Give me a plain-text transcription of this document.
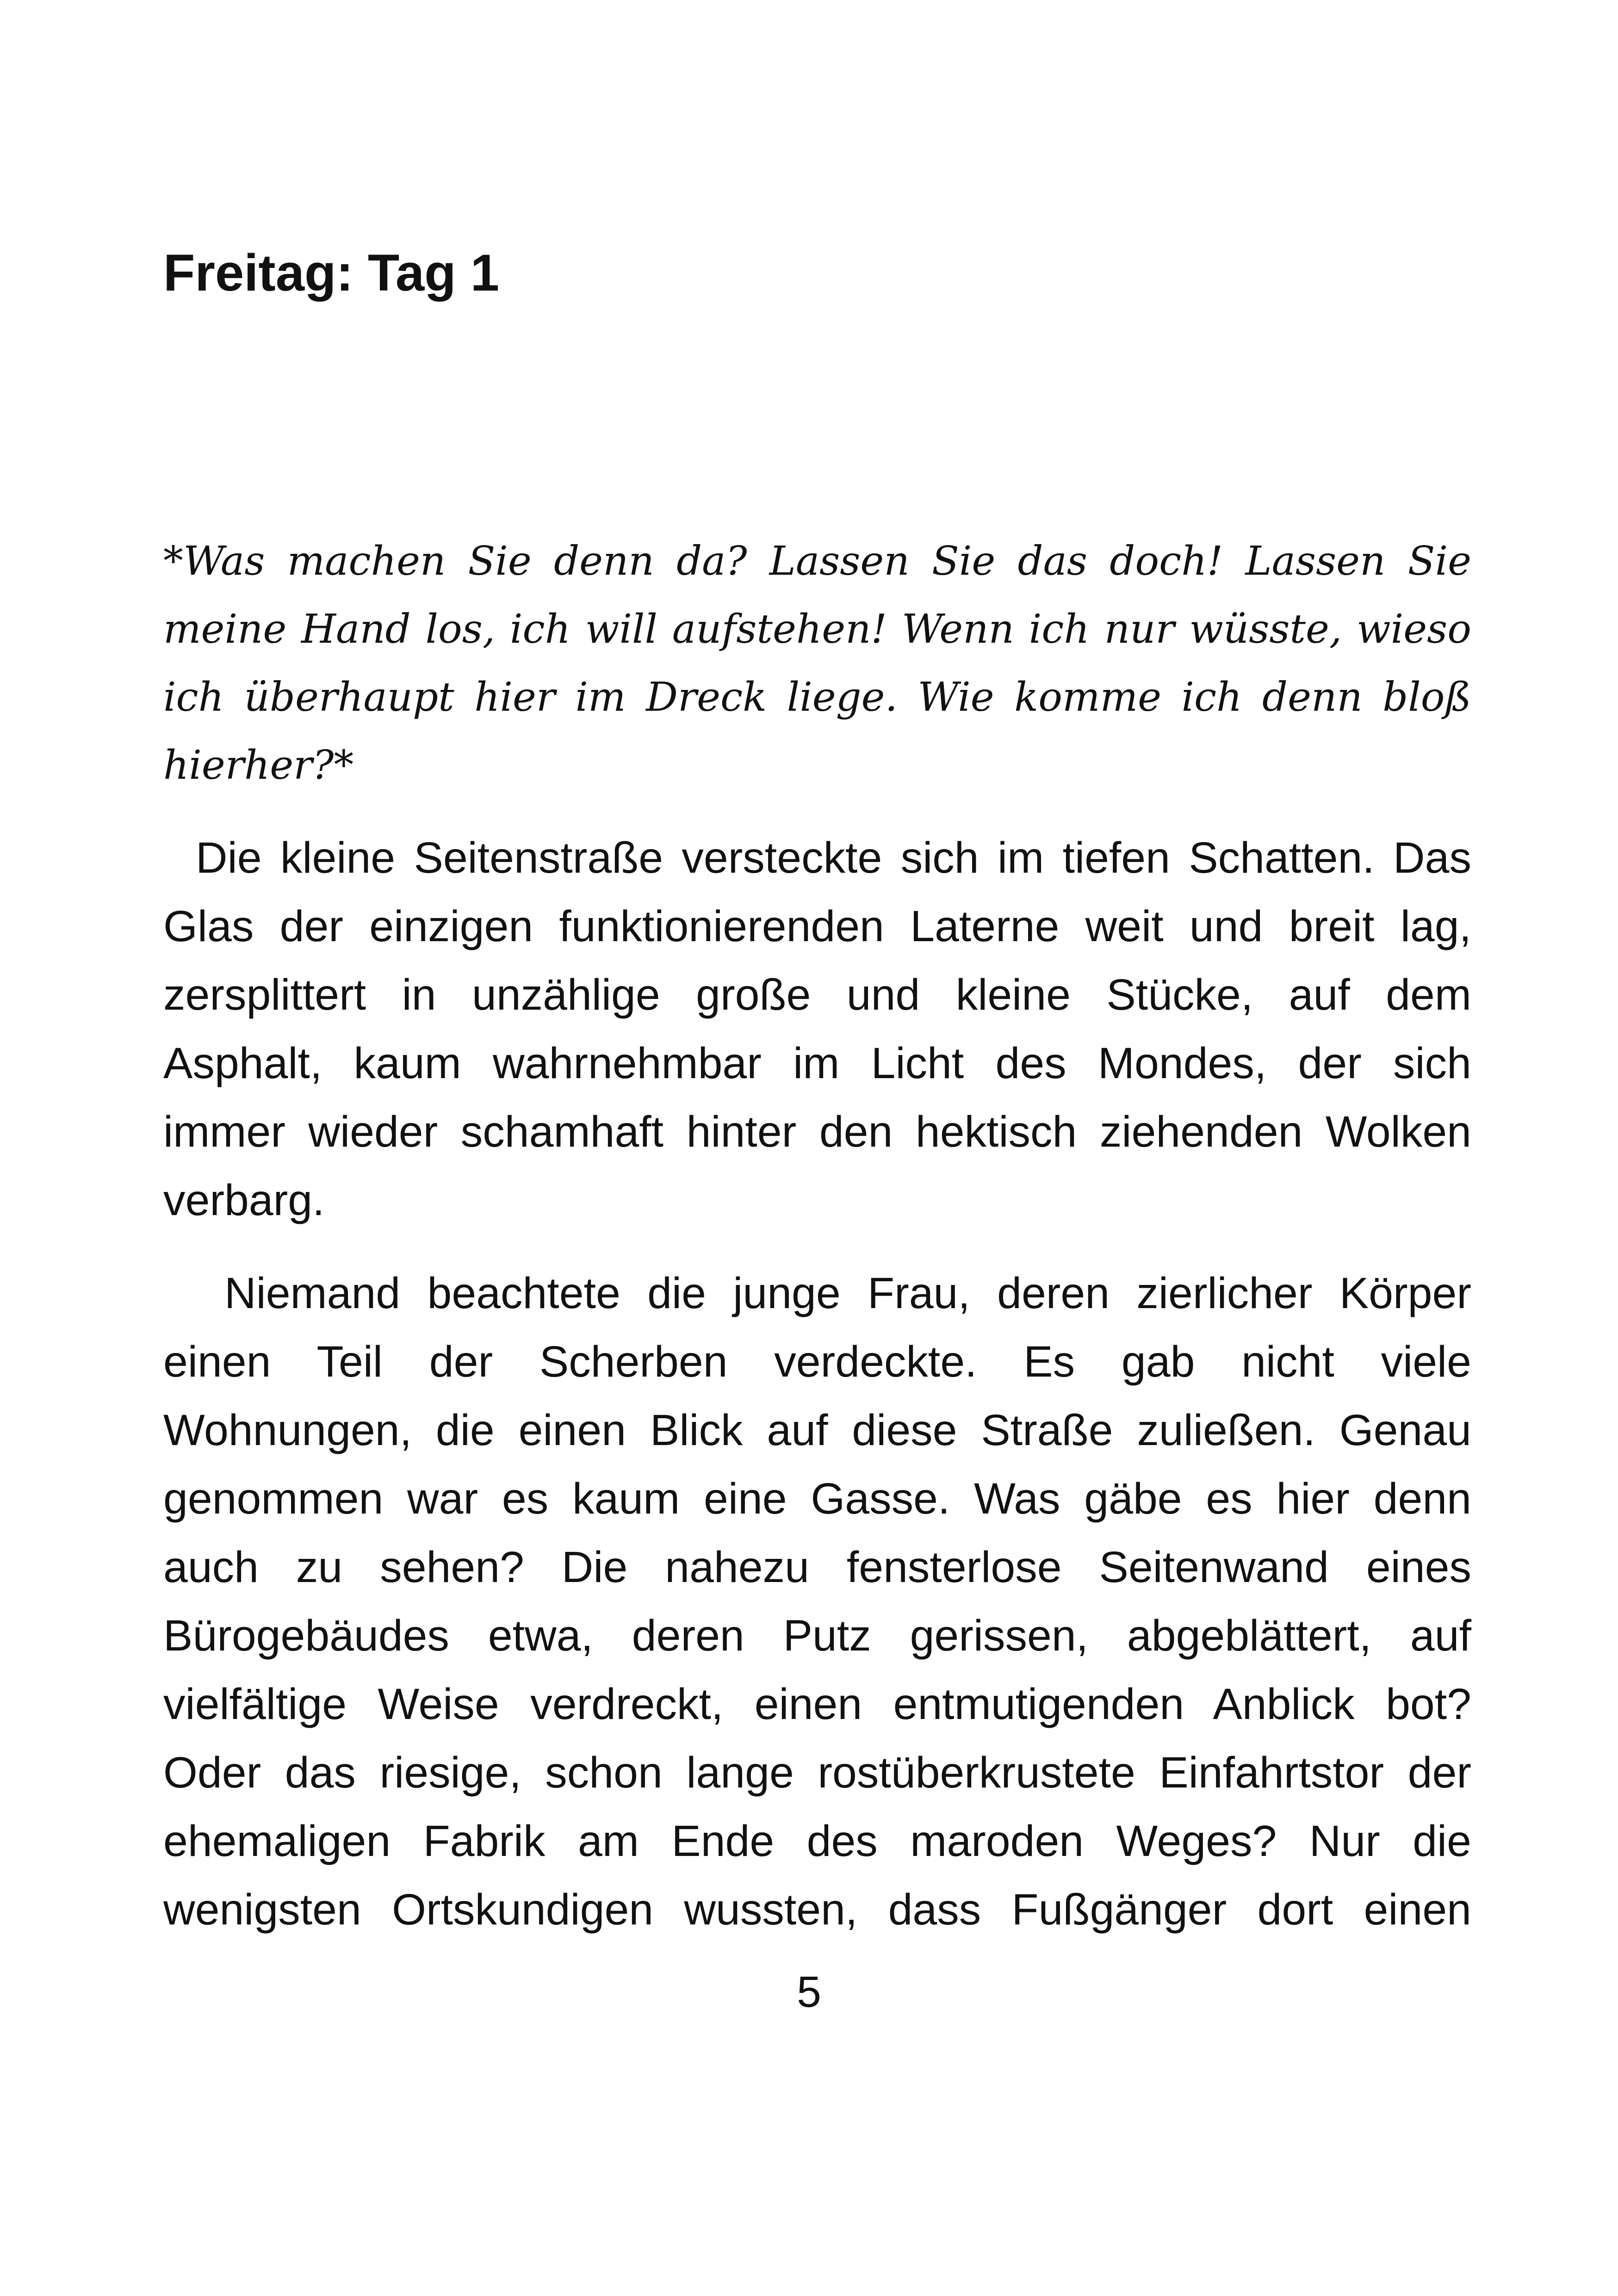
Freitag: Tag 1
*Was machen Sie denn da? Lassen Sie das doch! Lassen Sie
meine Hand los, ich will aufstehen! Wenn ich nur wüsste, wieso
ich überhaupt hier im Dreck liege. Wie komme ich denn bloß
hierher?*
Die kleine Seitenstraße versteckte sich im tiefen Schatten. Das
Glas der einzigen funktionierenden Laterne weit und breit lag,
zersplittert in unzählige große und kleine Stücke, auf dem
Asphalt, kaum wahrnehmbar im Licht des Mondes, der sich
immer wieder schamhaft hinter den hektisch ziehenden Wolken
verbarg.
Niemand beachtete die junge Frau, deren zierlicher Körper
einen Teil der Scherben verdeckte. Es gab nicht viele
Wohnungen, die einen Blick auf diese Straße zuließen. Genau
genommen war es kaum eine Gasse. Was gäbe es hier denn
auch zu sehen? Die nahezu fensterlose Seitenwand eines
Bürogebäudes etwa, deren Putz gerissen, abgeblättert, auf
vielfältige Weise verdreckt, einen entmutigenden Anblick bot?
Oder das riesige, schon lange rostüberkrustete Einfahrtstor der
ehemaligen Fabrik am Ende des maroden Weges? Nur die
wenigsten Ortskundigen wussten, dass Fußgänger dort einen

5
